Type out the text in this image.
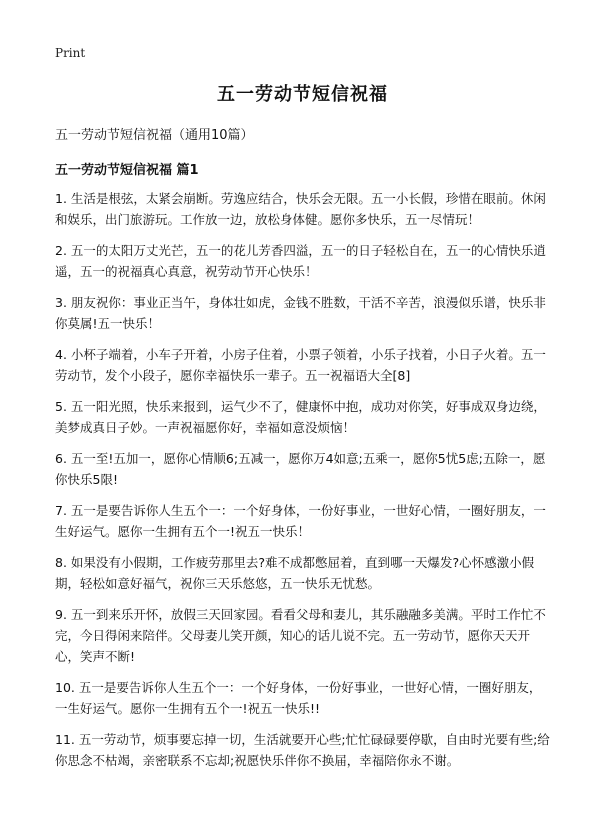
Print
五一劳动节短信祝福

五一劳动节短信祝福（通用10篇）

五一劳动节短信祝福 篇1

1. 生活是根弦，太紧会崩断。劳逸应结合，快乐会无限。五一小长假，珍惜在眼前。休闲和娱乐，出门旅游玩。工作放一边，放松身体健。愿你多快乐，五一尽情玩！
2. 五一的太阳万丈光芒，五一的花儿芳香四溢，五一的日子轻松自在，五一的心情快乐逍遥，五一的祝福真心真意，祝劳动节开心快乐！
3. 朋友祝你：事业正当午，身体壮如虎，金钱不胜数，干活不辛苦，浪漫似乐谱，快乐非你莫属!五一快乐！
4. 小杯子端着，小车子开着，小房子住着，小票子领着，小乐子找着，小日子火着。五一劳动节，发个小段子，愿你幸福快乐一辈子。五一祝福语大全[8]
5. 五一阳光照，快乐来报到，运气少不了，健康怀中抱，成功对你笑，好事成双身边绕，美梦成真日子妙。一声祝福愿你好，幸福如意没烦恼！
6. 五一至!五加一，愿你心情顺6;五减一，愿你万4如意;五乘一，愿你5忧5虑;五除一，愿你快乐5限!
7. 五一是要告诉你人生五个一：一个好身体，一份好事业，一世好心情，一圈好朋友，一生好运气。愿你一生拥有五个一!祝五一快乐！
8. 如果没有小假期，工作疲劳那里去?难不成都憋屈着，直到哪一天爆发?心怀感激小假期，轻松如意好福气，祝你三天乐悠悠，五一快乐无忧愁。
9. 五一到来乐开怀，放假三天回家园。看看父母和妻儿，其乐融融多美满。平时工作忙不完，今日得闲来陪伴。父母妻儿笑开颜，知心的话儿说不完。五一劳动节，愿你天天开心，笑声不断!
10. 五一是要告诉你人生五个一：一个好身体，一份好事业，一世好心情，一圈好朋友，一生好运气。愿你一生拥有五个一!祝五一快乐!!
11. 五一劳动节，烦事要忘掉一切，生活就要开心些;忙忙碌碌要停歇，自由时光要有些;给你思念不枯竭，亲密联系不忘却;祝愿快乐伴你不换届，幸福陪你永不谢。
